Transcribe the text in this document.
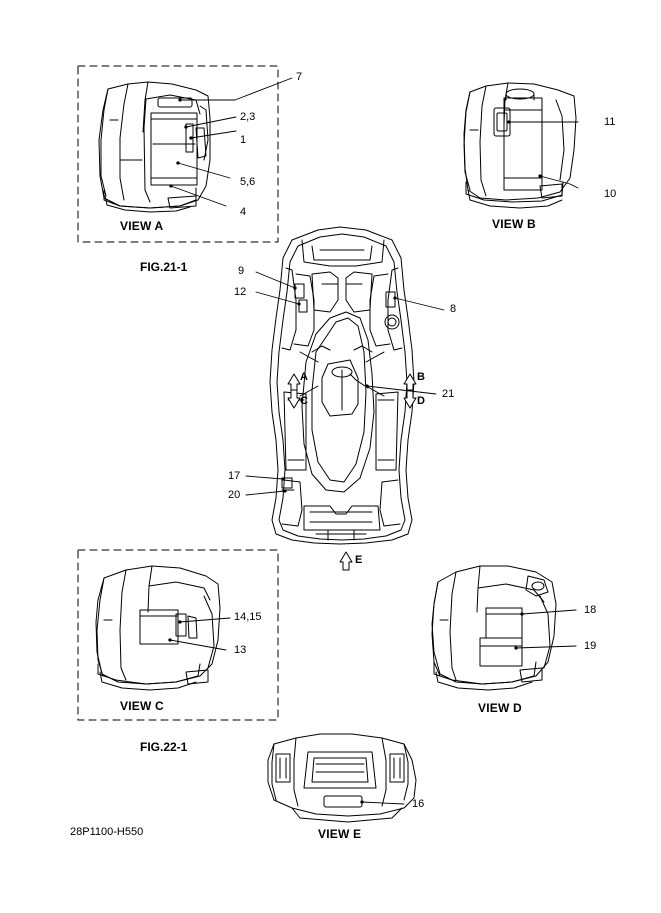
7
2,3
1
5,6
4
VIEW A
FIG.21-1
11
10
VIEW B
9
12
8
21
17
20
A	B
C	D
E
14,15
13
VIEW C
FIG.22-1
18
19
VIEW D
16
VIEW E
28P1100-H550
